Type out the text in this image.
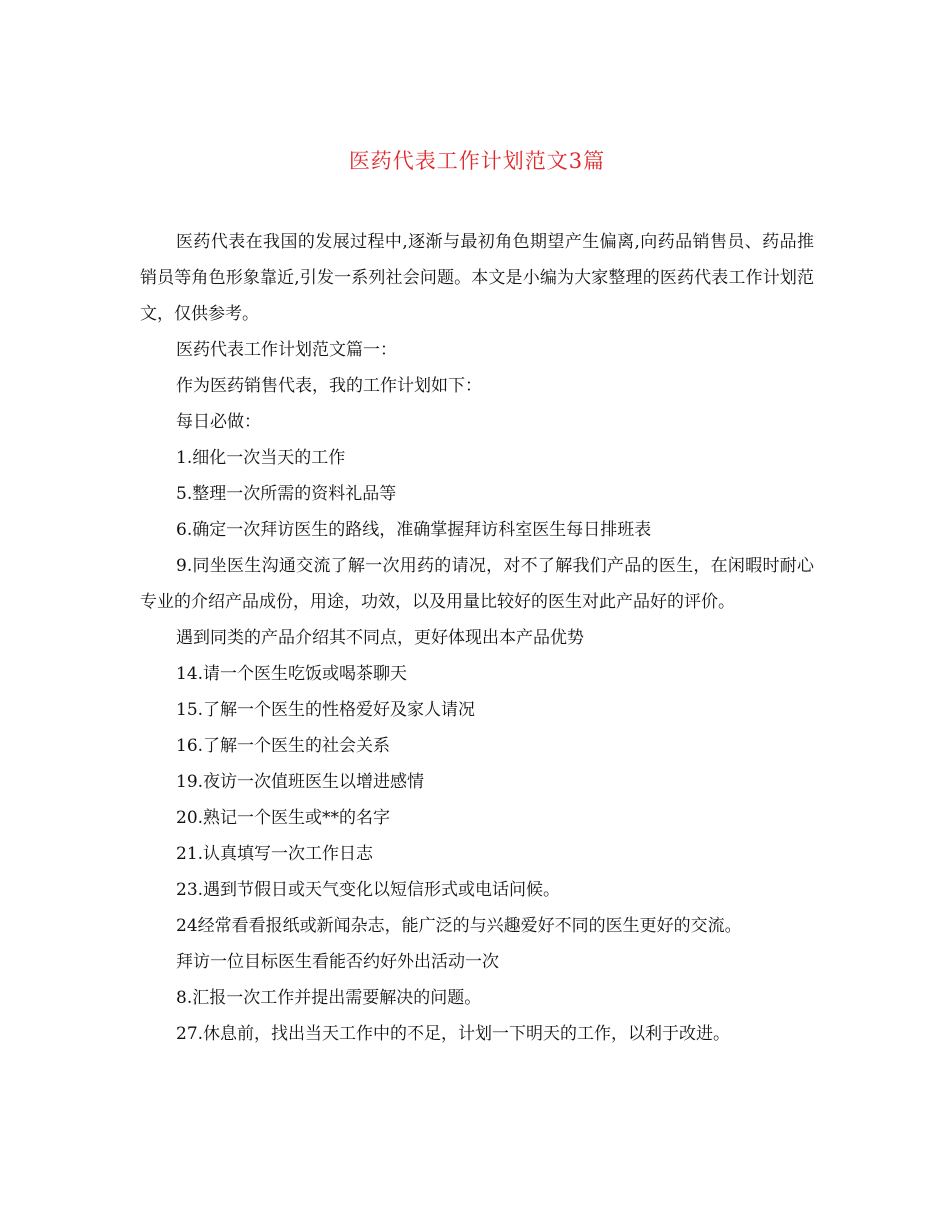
医药代表工作计划范文3篇

医药代表在我国的发展过程中,逐渐与最初角色期望产生偏离,向药品销售员、药品推销员等角色形象靠近,引发一系列社会问题。本文是小编为大家整理的医药代表工作计划范文，仅供参考。

医药代表工作计划范文篇一：

作为医药销售代表，我的工作计划如下：

每日必做：

1.细化一次当天的工作

5.整理一次所需的资料礼品等

6.确定一次拜访医生的路线，准确掌握拜访科室医生每日排班表

9.同坐医生沟通交流了解一次用药的请况，对不了解我们产品的医生，在闲暇时耐心专业的介绍产品成份，用途，功效，以及用量比较好的医生对此产品好的评价。

遇到同类的产品介绍其不同点，更好体现出本产品优势

14.请一个医生吃饭或喝茶聊天

15.了解一个医生的性格爱好及家人请况

16.了解一个医生的社会关系

19.夜访一次值班医生以增进感情

20.熟记一个医生或**的名字

21.认真填写一次工作日志

23.遇到节假日或天气变化以短信形式或电话问候。

24经常看看报纸或新闻杂志，能广泛的与兴趣爱好不同的医生更好的交流。

拜访一位目标医生看能否约好外出活动一次

8.汇报一次工作并提出需要解决的问题。

27.休息前，找出当天工作中的不足，计划一下明天的工作，以利于改进。
